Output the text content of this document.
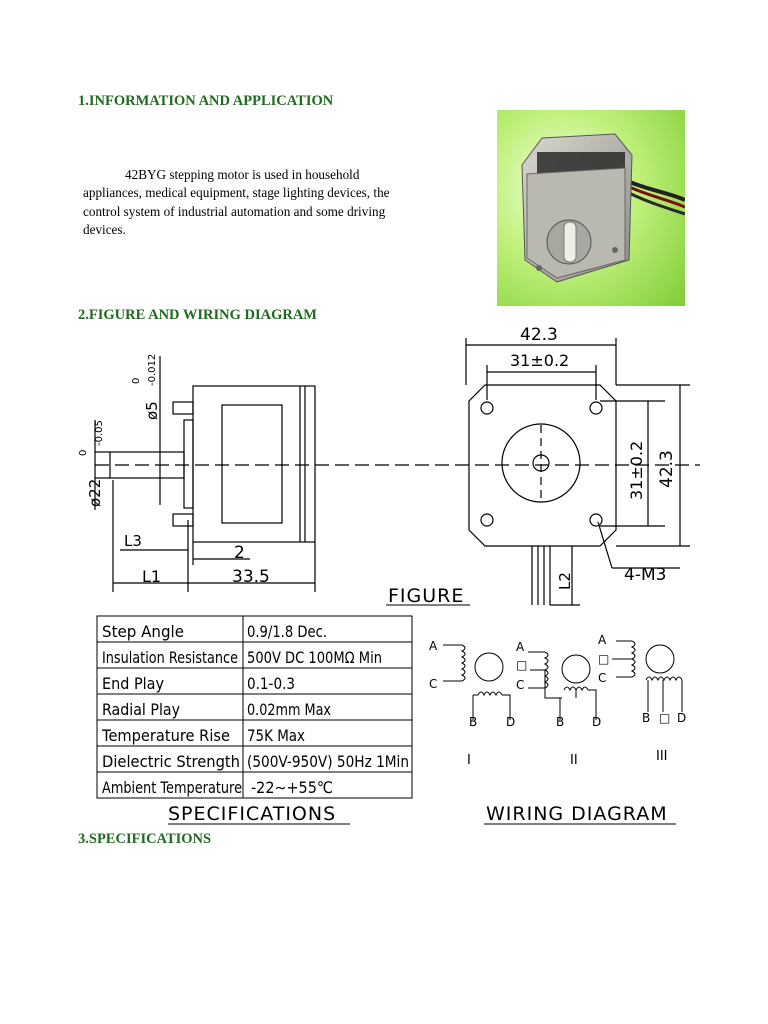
1.INFORMATION AND APPLICATION
42BYG stepping motor is used in household appliances, medical equipment, stage lighting devices, the control system of industrial automation and some driving devices.
2.FIGURE AND WIRING DIAGRAM
42.3
31±0.2
31±0.2 42.3
4-M3
33.5
2
L1
L3
L2
ø5
0 -0.012
ø22
0
-0.05
FIGURE
Step Angle	0.9/1.8 Dec.
Insulation Resistance 500V DC 100MΩ Min
End Play	0.1-0.3
Radial Play	0.02mm Max
Temperature Rise 75K Max
Dielectric Strength (500V-950V) 50Hz 1Min
Ambient Temperature -22∼+55℃
SPECIFICATIONS
A
C
B D
A
□
C
B D
A
□
C
B □ D
I	II	III
WIRING DIAGRAM
3.SPECIFICATIONS
